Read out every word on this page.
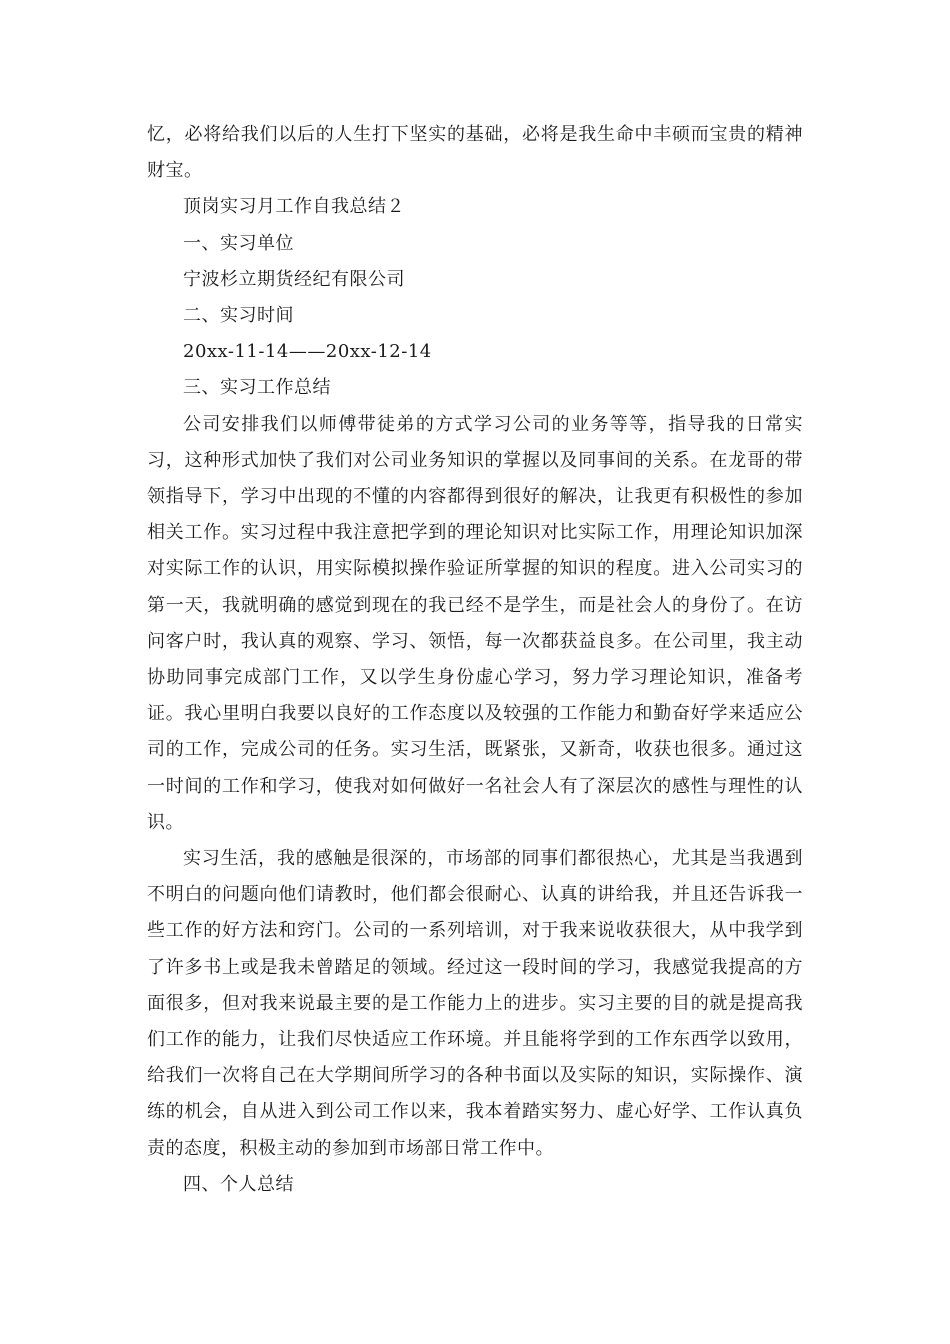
忆，必将给我们以后的人生打下坚实的基础，必将是我生命中丰硕而宝贵的精神财宝。

顶岗实习月工作自我总结２

一、实习单位

宁波杉立期货经纪有限公司

二、实习时间

20xx-11-14——20xx-12-14

三、实习工作总结

公司安排我们以师傅带徒弟的方式学习公司的业务等等，指导我的日常实习，这种形式加快了我们对公司业务知识的掌握以及同事间的关系。在龙哥的带领指导下，学习中出现的不懂的内容都得到很好的解决，让我更有积极性的参加相关工作。实习过程中我注意把学到的理论知识对比实际工作，用理论知识加深对实际工作的认识，用实际模拟操作验证所掌握的知识的程度。进入公司实习的第一天，我就明确的感觉到现在的我已经不是学生，而是社会人的身份了。在访问客户时，我认真的观察、学习、领悟，每一次都获益良多。在公司里，我主动协助同事完成部门工作，又以学生身份虚心学习，努力学习理论知识，准备考证。我心里明白我要以良好的工作态度以及较强的工作能力和勤奋好学来适应公司的工作，完成公司的任务。实习生活，既紧张，又新奇，收获也很多。通过这一时间的工作和学习，使我对如何做好一名社会人有了深层次的感性与理性的认识。

实习生活，我的感触是很深的，市场部的同事们都很热心，尤其是当我遇到不明白的问题向他们请教时，他们都会很耐心、认真的讲给我，并且还告诉我一些工作的好方法和窍门。公司的一系列培训，对于我来说收获很大，从中我学到了许多书上或是我未曾踏足的领域。经过这一段时间的学习，我感觉我提高的方面很多，但对我来说最主要的是工作能力上的进步。实习主要的目的就是提高我们工作的能力，让我们尽快适应工作环境。并且能将学到的工作东西学以致用，给我们一次将自己在大学期间所学习的各种书面以及实际的知识，实际操作、演练的机会，自从进入到公司工作以来，我本着踏实努力、虚心好学、工作认真负责的态度，积极主动的参加到市场部日常工作中。

四、个人总结
